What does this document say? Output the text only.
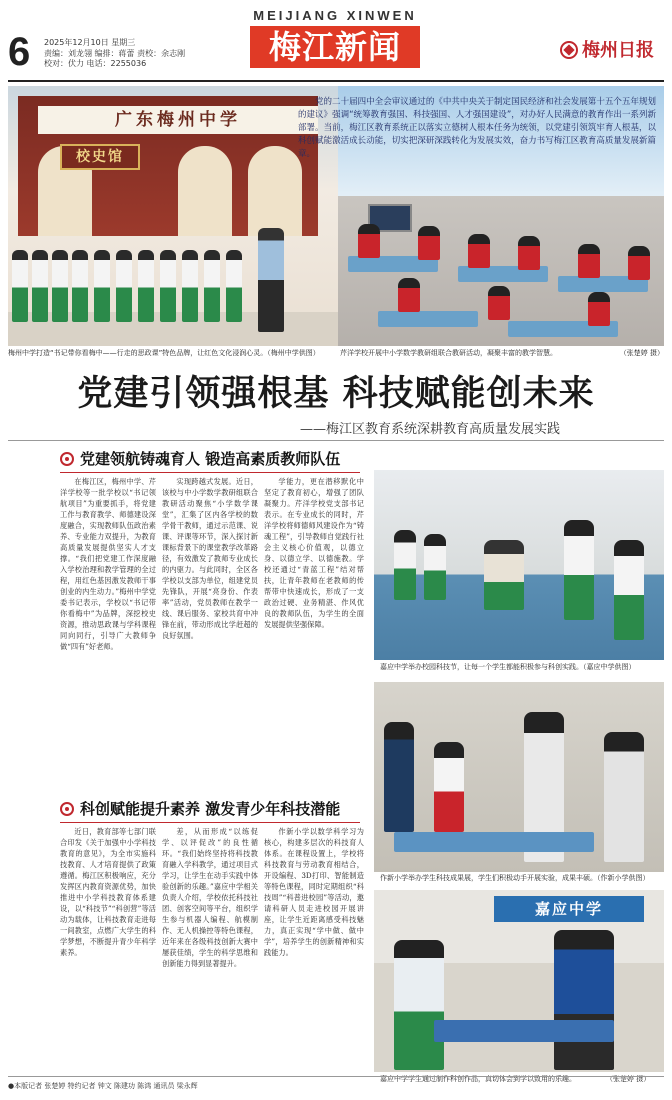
6 2025年12月10日 星期三
责编：刘龙翎 编排：蒋蕾 责校：余志刚
校对：伏力 电话：2255036
MEIJIANG XINWEN
梅江新闻	梅州日报
广东梅州中学
校史馆
党的二十届四中全会审议通过的《中共中央关于制定国民经济和社会发展第十五个五年规划的建议》强调“统筹教育强国、科技强国、人才强国建设”，对办好人民满意的教育作出一系列新部署。当前，梅江区教育系统正以落实立德树人根本任务为统领，以党建引领筑牢育人根基，以科创赋能激活成长动能，切实把深研深践转化为发展实效，奋力书写梅江区教育高质量发展新篇章。
梅州中学打造“书记带你看梅中——行走的思政课”特色品牌，让红色文化浸润心灵。（梅州中学供图）	芹洋学校开展中小学数学教研组联合教研活动，凝聚丰富的教学智慧。	（张楚婷 摄）
党建引领强根基 科技赋能创未来
——梅江区教育系统深耕教育高质量发展实践
党建领航铸魂育人 锻造高素质教师队伍

在梅江区，梅州中学、芹洋学校等一批学校以“书记领航项目”为重要抓手，将党建工作与教育教学、师德建设深度融合，实现教师队伍政治素养、专业能力双提升，为教育高质量发展提供坚实人才支撑。“我们把党建工作深度融入学校治理和教学管理的全过程，用红色基因激发教师干事创业的内生动力。”梅州中学党委书记表示，学校以“书记带你看梅中”为品牌，深挖校史资源，推动思政课与学科课程同向同行，引导广大教师争做“四有”好老师。

实现跨越式发展。近日，该校与中小学数学教研组联合教研活动聚焦“小学数学课堂”，汇集了区内各学校的数学骨干教师，通过示范课、说课、评课等环节，深入探讨新课标背景下的课堂教学改革路径，有效激发了教师专业成长的内驱力。与此同时，全区各学校以支部为单位，组建党员先锋队，开展“亮身份、作表率”活动，党员教师在教学一线、课后服务、家校共育中冲锋在前，带动形成比学赶超的良好氛围。

学能力，更在潜移默化中坚定了教育初心，增强了团队凝聚力。芹洋学校党支部书记表示。在专业成长的同时，芹洋学校将师德师风建设作为“铸魂工程”，引导教师自觉践行社会主义核心价值观，以德立身、以德立学、以德施教。学校还通过“青蓝工程”结对帮扶，让青年教师在老教师的传帮带中快速成长，形成了一支政治过硬、业务精湛、作风优良的教师队伍，为学生的全面发展提供坚强保障。

科创赋能提升素养 激发青少年科技潜能

近日，教育部等七部门联合印发《关于加强中小学科技教育的意见》，为全市实施科技教育、人才培育提供了政策遵循。梅江区积极响应，充分发挥区内教育资源优势，加快推进中小学科技教育体系建设，以“科技节”“科创营”等活动为载体，让科技教育走进每一间教室，点燃广大学生的科学梦想，不断提升青少年科学素养。

差，从而形成“以练促学、以评促改”的良性循环。“我们始终坚持将科技教育融入学科教学，通过项目式学习，让学生在动手实践中体验创新的乐趣。”嘉应中学相关负责人介绍，学校依托科技社团、创客空间等平台，组织学生参与机器人编程、航模制作、无人机操控等特色课程，近年来在各级科技创新大赛中屡获佳绩，学生的科学思维和创新能力得到显著提升。

作新小学以数学科学习为核心，构建多层次的科技育人体系。在课程设置上，学校将科技教育与劳动教育相结合，开设编程、3D打印、智能制造等特色课程，同时定期组织“科技周”“科普进校园”等活动，邀请科研人员走进校园开展讲座，让学生近距离感受科技魅力，真正实现“学中做、做中学”，培养学生的创新精神和实践能力。

嘉应中学举办校园科技节，让每一个学生都能积极参与科创实践。（嘉应中学供图）
作新小学举办学生科技成果展，学生们积极动手开展实验，成果丰硕。（作新小学供图）
嘉应中学
嘉应中学学生通过制作科创作品，真切体会到学以致用的乐趣。	（张楚婷 摄）
●本版记者 张楚婷 特约记者 钟文 陈建功 陈鸿 通讯员 梁永辉
